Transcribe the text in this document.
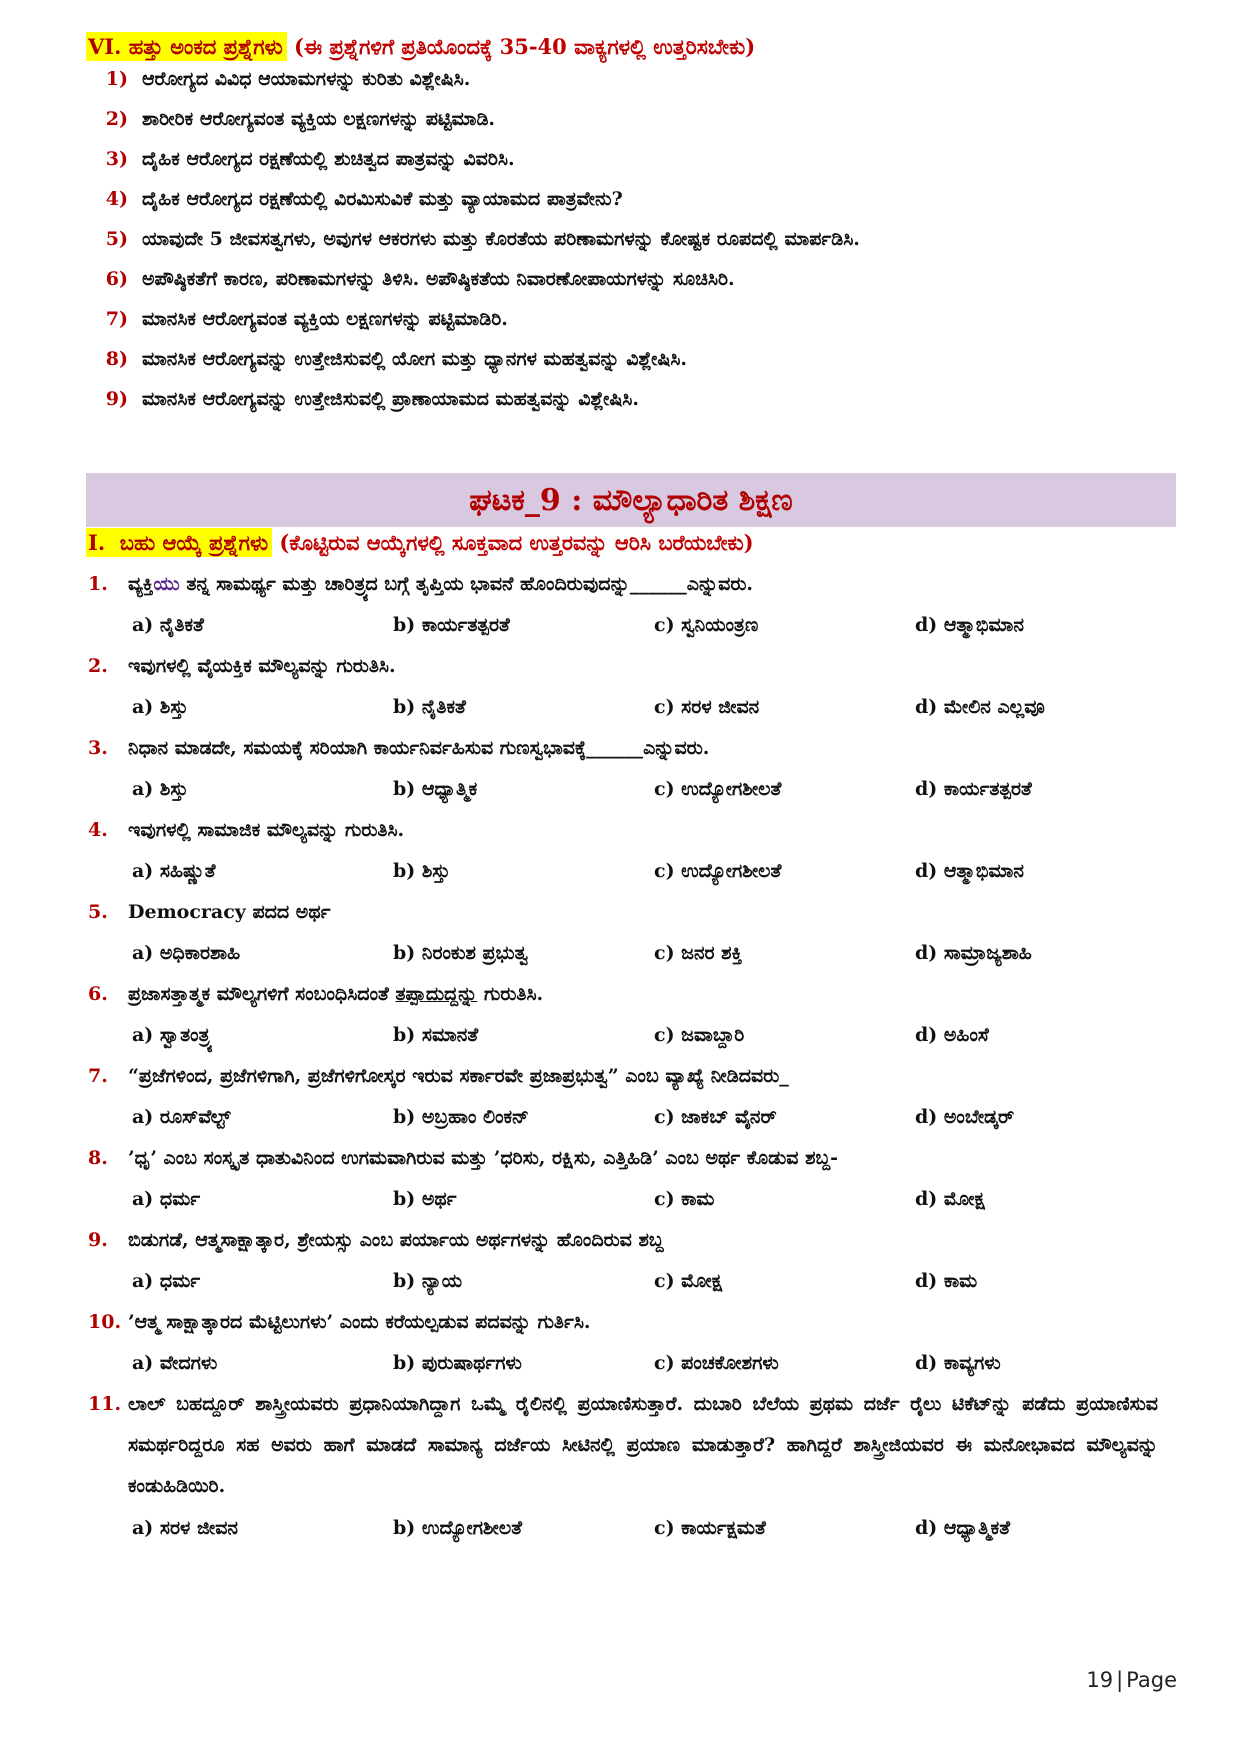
VI. ಹತ್ತು ಅಂಕದ ಪ್ರಶ್ನೆಗಳು (ಈ ಪ್ರಶ್ನೆಗಳಿಗೆ ಪ್ರತಿಯೊಂದಕ್ಕೆ 35-40 ವಾಕ್ಯಗಳಲ್ಲಿ ಉತ್ತರಿಸಬೇಕು)
1) ಆರೋಗ್ಯದ ವಿವಿಧ ಆಯಾಮಗಳನ್ನು ಕುರಿತು ವಿಶ್ಲೇಷಿಸಿ.
2) ಶಾರೀರಿಕ ಆರೋಗ್ಯವಂತ ವ್ಯಕ್ತಿಯ ಲಕ್ಷಣಗಳನ್ನು ಪಟ್ಟಿಮಾಡಿ.
3) ದೈಹಿಕ ಆರೋಗ್ಯದ ರಕ್ಷಣೆಯಲ್ಲಿ ಶುಚಿತ್ವದ ಪಾತ್ರವನ್ನು ವಿವರಿಸಿ.
4) ದೈಹಿಕ ಆರೋಗ್ಯದ ರಕ್ಷಣೆಯಲ್ಲಿ ವಿರಮಿಸುವಿಕೆ ಮತ್ತು ವ್ಯಾಯಾಮದ ಪಾತ್ರವೇನು?
5) ಯಾವುದೇ 5 ಜೀವಸತ್ವಗಳು, ಅವುಗಳ ಆಕರಗಳು ಮತ್ತು ಕೊರತೆಯ ಪರಿಣಾಮಗಳನ್ನು ಕೋಷ್ಟಕ ರೂಪದಲ್ಲಿ ಮಾರ್ಪಡಿಸಿ.
6) ಅಪೌಷ್ಠಿಕತೆಗೆ ಕಾರಣ, ಪರಿಣಾಮಗಳನ್ನು ತಿಳಿಸಿ. ಅಪೌಷ್ಠಿಕತೆಯ ನಿವಾರಣೋಪಾಯಗಳನ್ನು ಸೂಚಿಸಿರಿ.
7) ಮಾನಸಿಕ ಆರೋಗ್ಯವಂತ ವ್ಯಕ್ತಿಯ ಲಕ್ಷಣಗಳನ್ನು ಪಟ್ಟಿಮಾಡಿರಿ.
8) ಮಾನಸಿಕ ಆರೋಗ್ಯವನ್ನು ಉತ್ತೇಜಿಸುವಲ್ಲಿ ಯೋಗ ಮತ್ತು ಧ್ಯಾನಗಳ ಮಹತ್ವವನ್ನು ವಿಶ್ಲೇಷಿಸಿ.
9) ಮಾನಸಿಕ ಆರೋಗ್ಯವನ್ನು ಉತ್ತೇಜಿಸುವಲ್ಲಿ ಪ್ರಾಣಾಯಾಮದ ಮಹತ್ವವನ್ನು ವಿಶ್ಲೇಷಿಸಿ.
ಘಟಕ_9 : ಮೌಲ್ಯಾಧಾರಿತ ಶಿಕ್ಷಣ
I. ಬಹು ಆಯ್ಕೆ ಪ್ರಶ್ನೆಗಳು (ಕೊಟ್ಟಿರುವ ಆಯ್ಕೆಗಳಲ್ಲಿ ಸೂಕ್ತವಾದ ಉತ್ತರವನ್ನು ಆರಿಸಿ ಬರೆಯಬೇಕು)
1.	ವ್ಯಕ್ತಿಯು ತನ್ನ ಸಾಮರ್ಥ್ಯ ಮತ್ತು ಚಾರಿತ್ರ್ಯದ ಬಗ್ಗೆ ತೃಪ್ತಿಯ ಭಾವನೆ ಹೊಂದಿರುವುದನ್ನು______ಎನ್ನುವರು.
a) ನೈತಿಕತೆ	b) ಕಾರ್ಯತತ್ಪರತೆ	c) ಸ್ವನಿಯಂತ್ರಣ	d) ಆತ್ಮಾಭಿಮಾನ
2.	ಇವುಗಳಲ್ಲಿ ವೈಯಕ್ತಿಕ ಮೌಲ್ಯವನ್ನು ಗುರುತಿಸಿ.
a) ಶಿಸ್ತು	b) ನೈತಿಕತೆ	c) ಸರಳ ಜೀವನ	d) ಮೇಲಿನ ಎಲ್ಲವೂ
3.	ನಿಧಾನ ಮಾಡದೇ, ಸಮಯಕ್ಕೆ ಸರಿಯಾಗಿ ಕಾರ್ಯನಿರ್ವಹಿಸುವ ಗುಣಸ್ವಭಾವಕ್ಕೆ______ಎನ್ನುವರು.
a) ಶಿಸ್ತು	b) ಆಧ್ಯಾತ್ಮಿಕ	c) ಉದ್ಯೋಗಶೀಲತೆ	d) ಕಾರ್ಯತತ್ಪರತೆ
4.	ಇವುಗಳಲ್ಲಿ ಸಾಮಾಜಿಕ ಮೌಲ್ಯವನ್ನು ಗುರುತಿಸಿ.
a) ಸಹಿಷ್ಣುತೆ	b) ಶಿಸ್ತು	c) ಉದ್ಯೋಗಶೀಲತೆ	d) ಆತ್ಮಾಭಿಮಾನ
5.	Democracy ಪದದ ಅರ್ಥ
a) ಅಧಿಕಾರಶಾಹಿ	b) ನಿರಂಕುಶ ಪ್ರಭುತ್ವ	c) ಜನರ ಶಕ್ತಿ	d) ಸಾಮ್ರಾಜ್ಯಶಾಹಿ
6.	ಪ್ರಜಾಸತ್ತಾತ್ಮಕ ಮೌಲ್ಯಗಳಿಗೆ ಸಂಬಂಧಿಸಿದಂತೆ ತಪ್ಪಾದುದ್ದನ್ನು ಗುರುತಿಸಿ.
a) ಸ್ವಾತಂತ್ರ್ಯ	b) ಸಮಾನತೆ	c) ಜವಾಬ್ದಾರಿ	d) ಅಹಿಂಸೆ
7.	“ಪ್ರಜೆಗಳಿಂದ, ಪ್ರಜೆಗಳಿಗಾಗಿ, ಪ್ರಜೆಗಳಿಗೋಸ್ಕರ ಇರುವ ಸರ್ಕಾರವೇ ಪ್ರಜಾಪ್ರಭುತ್ವ” ಎಂಬ ವ್ಯಾಖ್ಯೆ ನೀಡಿದವರು_
a) ರೂಸ್‌ವೆಲ್ಟ್	b) ಅಬ್ರಹಾಂ ಲಿಂಕನ್	c) ಜಾಕಬ್ ವೈನರ್	d) ಅಂಬೇಡ್ಕರ್
8.	’ಧೃ’ ಎಂಬ ಸಂಸ್ಕೃತ ಧಾತುವಿನಿಂದ ಉಗಮವಾಗಿರುವ ಮತ್ತು ’ಧರಿಸು, ರಕ್ಷಿಸು, ಎತ್ತಿಹಿಡಿ’ ಎಂಬ ಅರ್ಥ ಕೊಡುವ ಶಬ್ದ-
a) ಧರ್ಮ	b) ಅರ್ಥ	c) ಕಾಮ	d) ಮೋಕ್ಷ
9.	ಬಿಡುಗಡೆ, ಆತ್ಮಸಾಕ್ಷಾತ್ಕಾರ, ಶ್ರೇಯಸ್ಸು ಎಂಬ ಪರ್ಯಾಯ ಅರ್ಥಗಳನ್ನು ಹೊಂದಿರುವ ಶಬ್ದ
a) ಧರ್ಮ	b) ನ್ಯಾಯ	c) ಮೋಕ್ಷ	d) ಕಾಮ
10. ’ಆತ್ಮ ಸಾಕ್ಷಾತ್ಕಾರದ ಮೆಟ್ಟಿಲುಗಳು’ ಎಂದು ಕರೆಯಲ್ಪಡುವ ಪದವನ್ನು ಗುರ್ತಿಸಿ.
a) ವೇದಗಳು	b) ಪುರುಷಾರ್ಥಗಳು	c) ಪಂಚಕೋಶಗಳು	d) ಕಾವ್ಯಗಳು
11. ಲಾಲ್ ಬಹದ್ದೂರ್ ಶಾಸ್ತ್ರೀಯವರು ಪ್ರಧಾನಿಯಾಗಿದ್ದಾಗ ಒಮ್ಮೆ ರೈಲಿನಲ್ಲಿ ಪ್ರಯಾಣಿಸುತ್ತಾರೆ. ದುಬಾರಿ ಬೆಲೆಯ ಪ್ರಥಮ ದರ್ಜೆ ರೈಲು ಟಿಕೆಟ್‌ನ್ನು ಪಡೆದು ಪ್ರಯಾಣಿಸುವ ಸಮರ್ಥರಿದ್ದರೂ ಸಹ ಅವರು ಹಾಗೆ ಮಾಡದೆ ಸಾಮಾನ್ಯ ದರ್ಜೆಯ ಸೀಟಿನಲ್ಲಿ ಪ್ರಯಾಣ ಮಾಡುತ್ತಾರೆ? ಹಾಗಿದ್ದರೆ ಶಾಸ್ತ್ರೀಜಿಯವರ ಈ ಮನೋಭಾವದ ಮೌಲ್ಯವನ್ನು ಕಂಡುಹಿಡಿಯಿರಿ.
a) ಸರಳ ಜೀವನ	b) ಉದ್ಯೋಗಶೀಲತೆ	c) ಕಾರ್ಯಕ್ಷಮತೆ	d) ಆಧ್ಯಾತ್ಮಿಕತೆ
19 | Page
